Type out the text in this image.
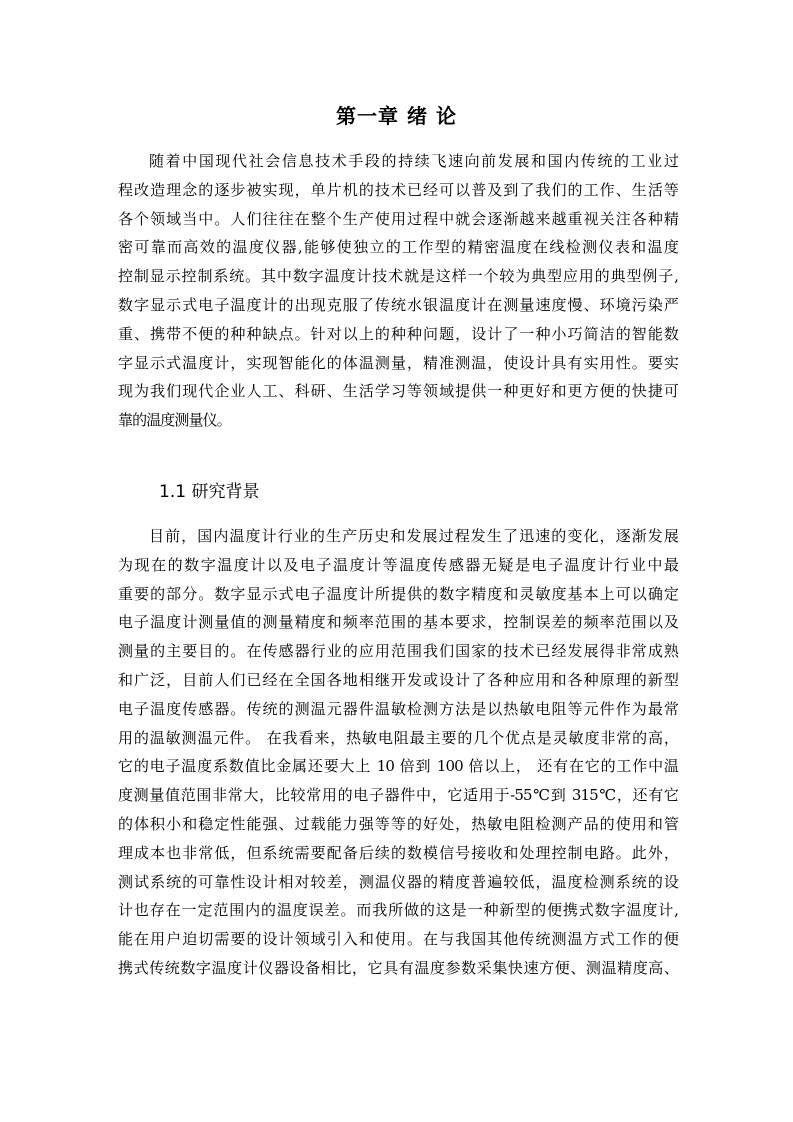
第一章 绪 论
随着中国现代社会信息技术手段的持续飞速向前发展和国内传统的工业过
程改造理念的逐步被实现，单片机的技术已经可以普及到了我们的工作、生活等
各个领域当中。人们往往在整个生产使用过程中就会逐渐越来越重视关注各种精
密可靠而高效的温度仪器,能够使独立的工作型的精密温度在线检测仪表和温度
控制显示控制系统。其中数字温度计技术就是这样一个较为典型应用的典型例子,
数字显示式电子温度计的出现克服了传统水银温度计在测量速度慢、环境污染严
重、携带不便的种种缺点。针对以上的种种问题，设计了一种小巧简洁的智能数
字显示式温度计，实现智能化的体温测量，精准测温，使设计具有实用性。要实
现为我们现代企业人工、科研、生活学习等领域提供一种更好和更方便的快捷可
靠的温度测量仪。
1.1 研究背景
目前，国内温度计行业的生产历史和发展过程发生了迅速的变化，逐渐发展
为现在的数字温度计以及电子温度计等温度传感器无疑是电子温度计行业中最
重要的部分。数字显示式电子温度计所提供的数字精度和灵敏度基本上可以确定
电子温度计测量值的测量精度和频率范围的基本要求，控制误差的频率范围以及
测量的主要目的。在传感器行业的应用范围我们国家的技术已经发展得非常成熟
和广泛，目前人们已经在全国各地相继开发或设计了各种应用和各种原理的新型
电子温度传感器。传统的测温元器件温敏检测方法是以热敏电阻等元件作为最常
用的温敏测温元件。 在我看来，热敏电阻最主要的几个优点是灵敏度非常的高，
它的电子温度系数值比金属还要大上 10 倍到 100 倍以上， 还有在它的工作中温
度测量值范围非常大，比较常用的电子器件中，它适用于-55℃到 315℃，还有它
的体积小和稳定性能强、过载能力强等等的好处，热敏电阻检测产品的使用和管
理成本也非常低，但系统需要配备后续的数模信号接收和处理控制电路。此外，
测试系统的可靠性设计相对较差，测温仪器的精度普遍较低，温度检测系统的设
计也存在一定范围内的温度误差。而我所做的这是一种新型的便携式数字温度计,
能在用户迫切需要的设计领域引入和使用。在与我国其他传统测温方式工作的便
携式传统数字温度计仪器设备相比，它具有温度参数采集快速方便、测温精度高、
